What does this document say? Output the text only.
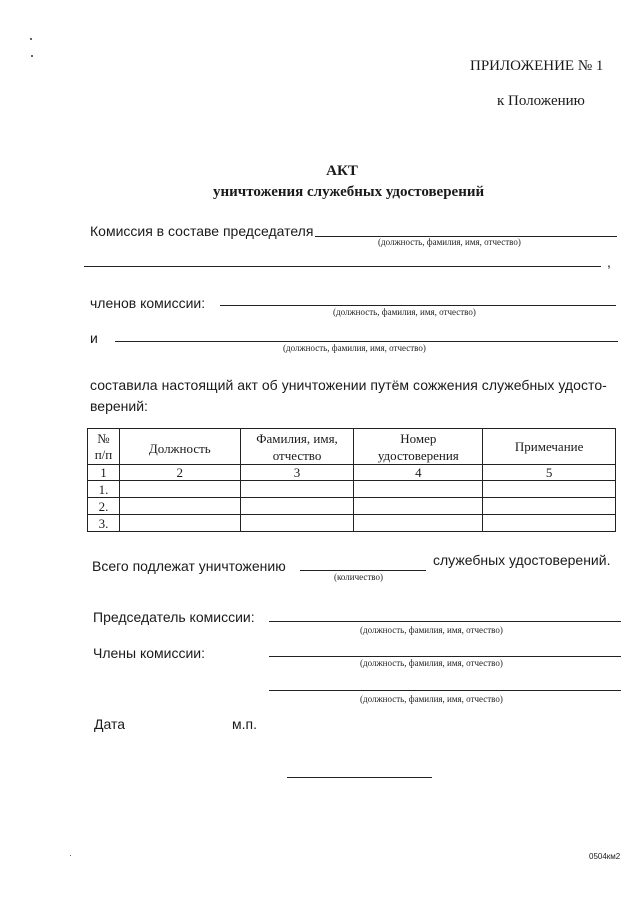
ПРИЛОЖЕНИЕ № 1
к Положению
АКТ
уничтожения служебных удостоверений
Комиссия в составе председателя
(должность, фамилия, имя, отчество)
,
членов комиссии:
(должность, фамилия, имя, отчество)
и
(должность, фамилия, имя, отчество)
составила настоящий акт об уничтожении путём сожжения служебных удосто-
верений:
№ п/п	Должность	Фамилия, имя, отчество	Номер удостоверения	Примечание
1	2	3	4	5
1.				
2.				
3.				
Всего подлежат уничтожению	служебных удостоверений.
(количество)
Председатель комиссии:
(должность, фамилия, имя, отчество)
Члены комиссии:
(должность, фамилия, имя, отчество)
(должность, фамилия, имя, отчество)
Дата	м.п.
0504км2
